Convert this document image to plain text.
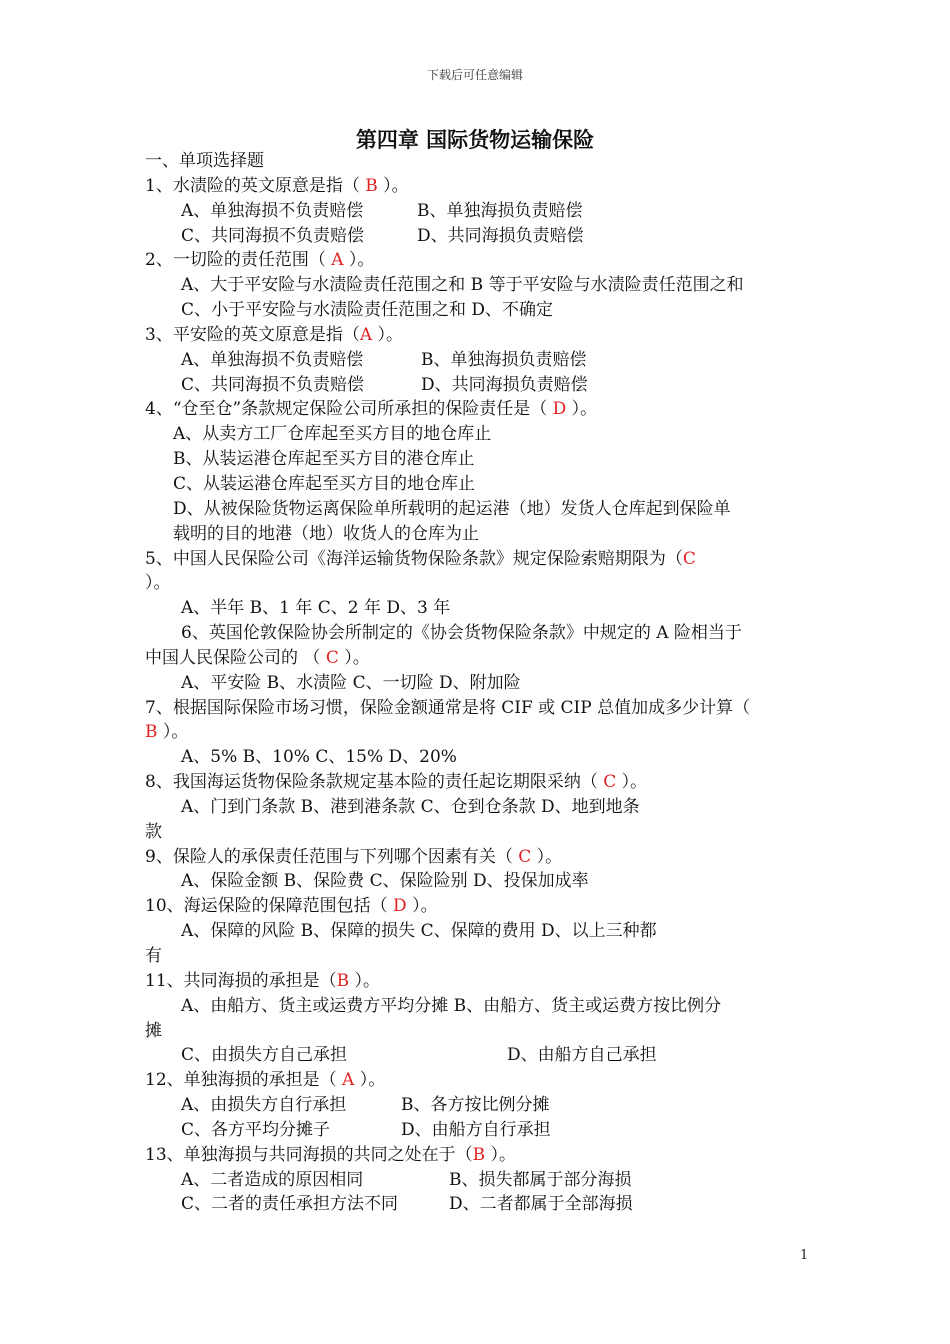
下载后可任意编辑
第四章 国际货物运输保险
一、单项选择题
1、水渍险的英文原意是指（ B ）。
A、单独海损不负责赔偿	B、单独海损负责赔偿
C、共同海损不负责赔偿	D、共同海损负责赔偿
2、一切险的责任范围（ A ）。
A、大于平安险与水渍险责任范围之和 B 等于平安险与水渍险责任范围之和
C、小于平安险与水渍险责任范围之和 D、不确定
3、平安险的英文原意是指（A ）。
A、单独海损不负责赔偿	B、单独海损负责赔偿
C、共同海损不负责赔偿	D、共同海损负责赔偿
4、“仓至仓”条款规定保险公司所承担的保险责任是（ D ）。
A、从卖方工厂仓库起至买方目的地仓库止
B、从装运港仓库起至买方目的港仓库止
C、从装运港仓库起至买方目的地仓库止
D、从被保险货物运离保险单所载明的起运港（地）发货人仓库起到保险单
载明的目的地港（地）收货人的仓库为止
5、中国人民保险公司《海洋运输货物保险条款》规定保险索赔期限为（C
）。
A、半年 B、1 年 C、2 年 D、3 年
6、英国伦敦保险协会所制定的《协会货物保险条款》中规定的 A 险相当于
中国人民保险公司的 （ C ）。
A、平安险 B、水渍险 C、一切险 D、附加险
7、根据国际保险市场习惯，保险金额通常是将 CIF 或 CIP 总值加成多少计算（
B ）。
A、5% B、10% C、15% D、20%
8、我国海运货物保险条款规定基本险的责任起讫期限采纳（ C ）。
A、门到门条款 B、港到港条款 C、仓到仓条款 D、地到地条
款
9、保险人的承保责任范围与下列哪个因素有关（ C ）。
A、保险金额 B、保险费 C、保险险别 D、投保加成率
10、海运保险的保障范围包括（ D ）。
A、保障的风险 B、保障的损失 C、保障的费用 D、以上三种都
有
11、共同海损的承担是（B ）。
A、由船方、货主或运费方平均分摊 B、由船方、货主或运费方按比例分
摊
C、由损失方自己承担	D、由船方自己承担
12、单独海损的承担是（ A ）。
A、由损失方自行承担	B、各方按比例分摊
C、各方平均分摊子	D、由船方自行承担
13、单独海损与共同海损的共同之处在于（B ）。
A、二者造成的原因相同	B、损失都属于部分海损
C、二者的责任承担方法不同	D、二者都属于全部海损
1
